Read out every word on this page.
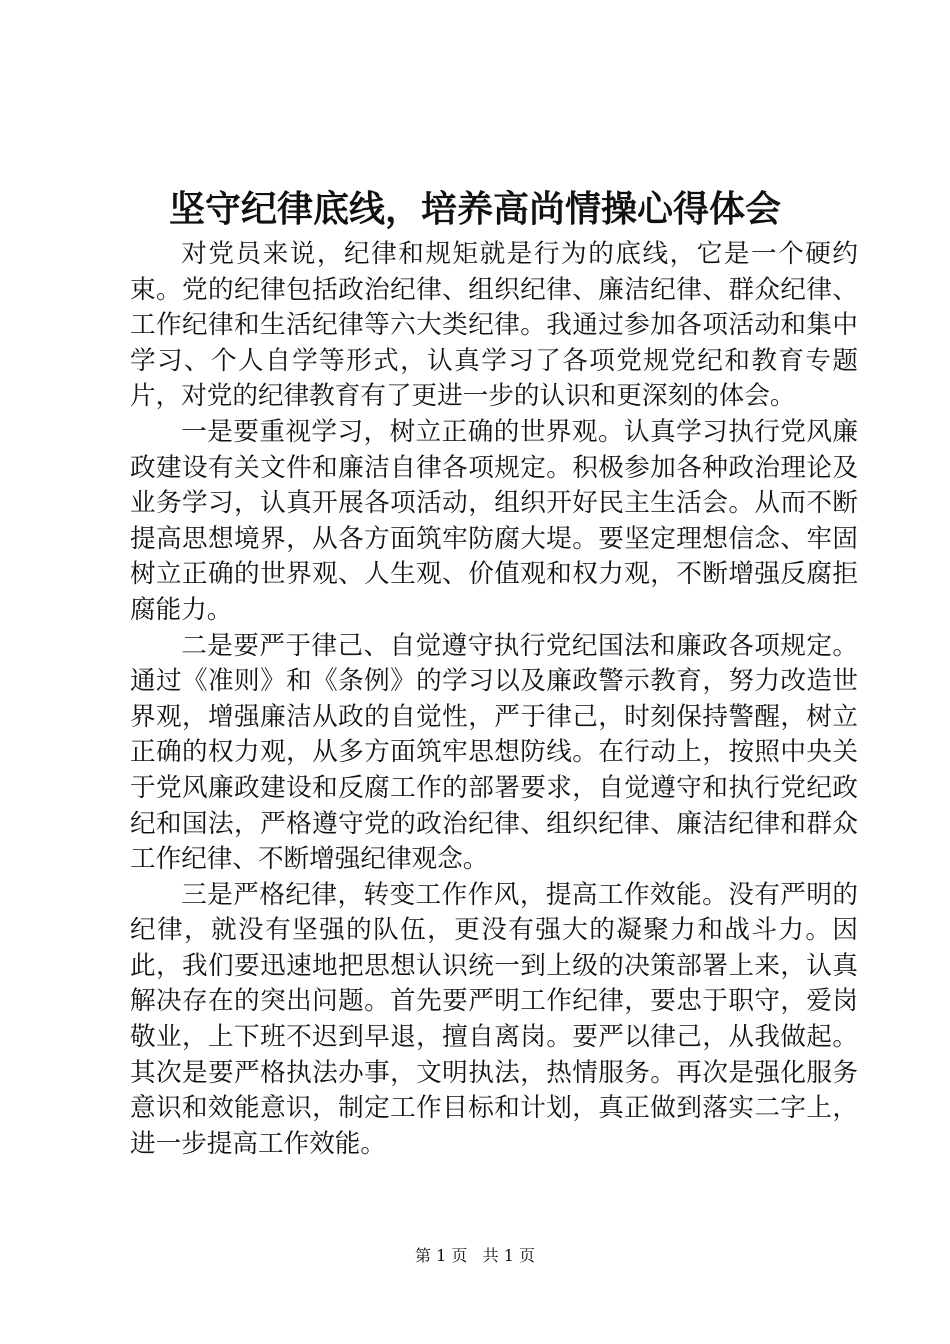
坚守纪律底线，培养高尚情操心得体会

对党员来说，纪律和规矩就是行为的底线，它是一个硬约束。党的纪律包括政治纪律、组织纪律、廉洁纪律、群众纪律、工作纪律和生活纪律等六大类纪律。我通过参加各项活动和集中学习、个人自学等形式，认真学习了各项党规党纪和教育专题片，对党的纪律教育有了更进一步的认识和更深刻的体会。

一是要重视学习，树立正确的世界观。认真学习执行党风廉政建设有关文件和廉洁自律各项规定。积极参加各种政治理论及业务学习，认真开展各项活动，组织开好民主生活会。从而不断提高思想境界，从各方面筑牢防腐大堤。要坚定理想信念、牢固树立正确的世界观、人生观、价值观和权力观，不断增强反腐拒腐能力。

二是要严于律己、自觉遵守执行党纪国法和廉政各项规定。通过《准则》和《条例》的学习以及廉政警示教育，努力改造世界观，增强廉洁从政的自觉性，严于律己，时刻保持警醒，树立正确的权力观，从多方面筑牢思想防线。在行动上，按照中央关于党风廉政建设和反腐工作的部署要求，自觉遵守和执行党纪政纪和国法，严格遵守党的政治纪律、组织纪律、廉洁纪律和群众工作纪律、不断增强纪律观念。

三是严格纪律，转变工作作风，提高工作效能。没有严明的纪律，就没有坚强的队伍，更没有强大的凝聚力和战斗力。因此，我们要迅速地把思想认识统一到上级的决策部署上来，认真解决存在的突出问题。首先要严明工作纪律，要忠于职守，爱岗敬业，上下班不迟到早退，擅自离岗。要严以律己，从我做起。其次是要严格执法办事，文明执法，热情服务。再次是强化服务意识和效能意识，制定工作目标和计划，真正做到落实二字上，进一步提高工作效能。

第 1 页   共 1 页
